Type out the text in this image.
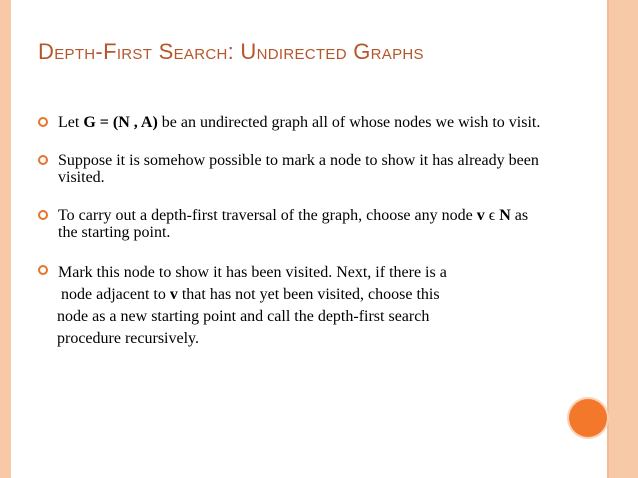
DEPTH-FIRST SEARCH: UNDIRECTED GRAPHS
Let G = (N , A) be an undirected graph all of whose nodes we wish to visit.
Suppose it is somehow possible to mark a node to show it has already been visited.
To carry out a depth-first traversal of the graph, choose any node v ϵ N as the starting point.
Mark this node to show it has been visited. Next, if there is a
node adjacent to v that has not yet been visited, choose this
node as a new starting point and call the depth-first search
procedure recursively.
